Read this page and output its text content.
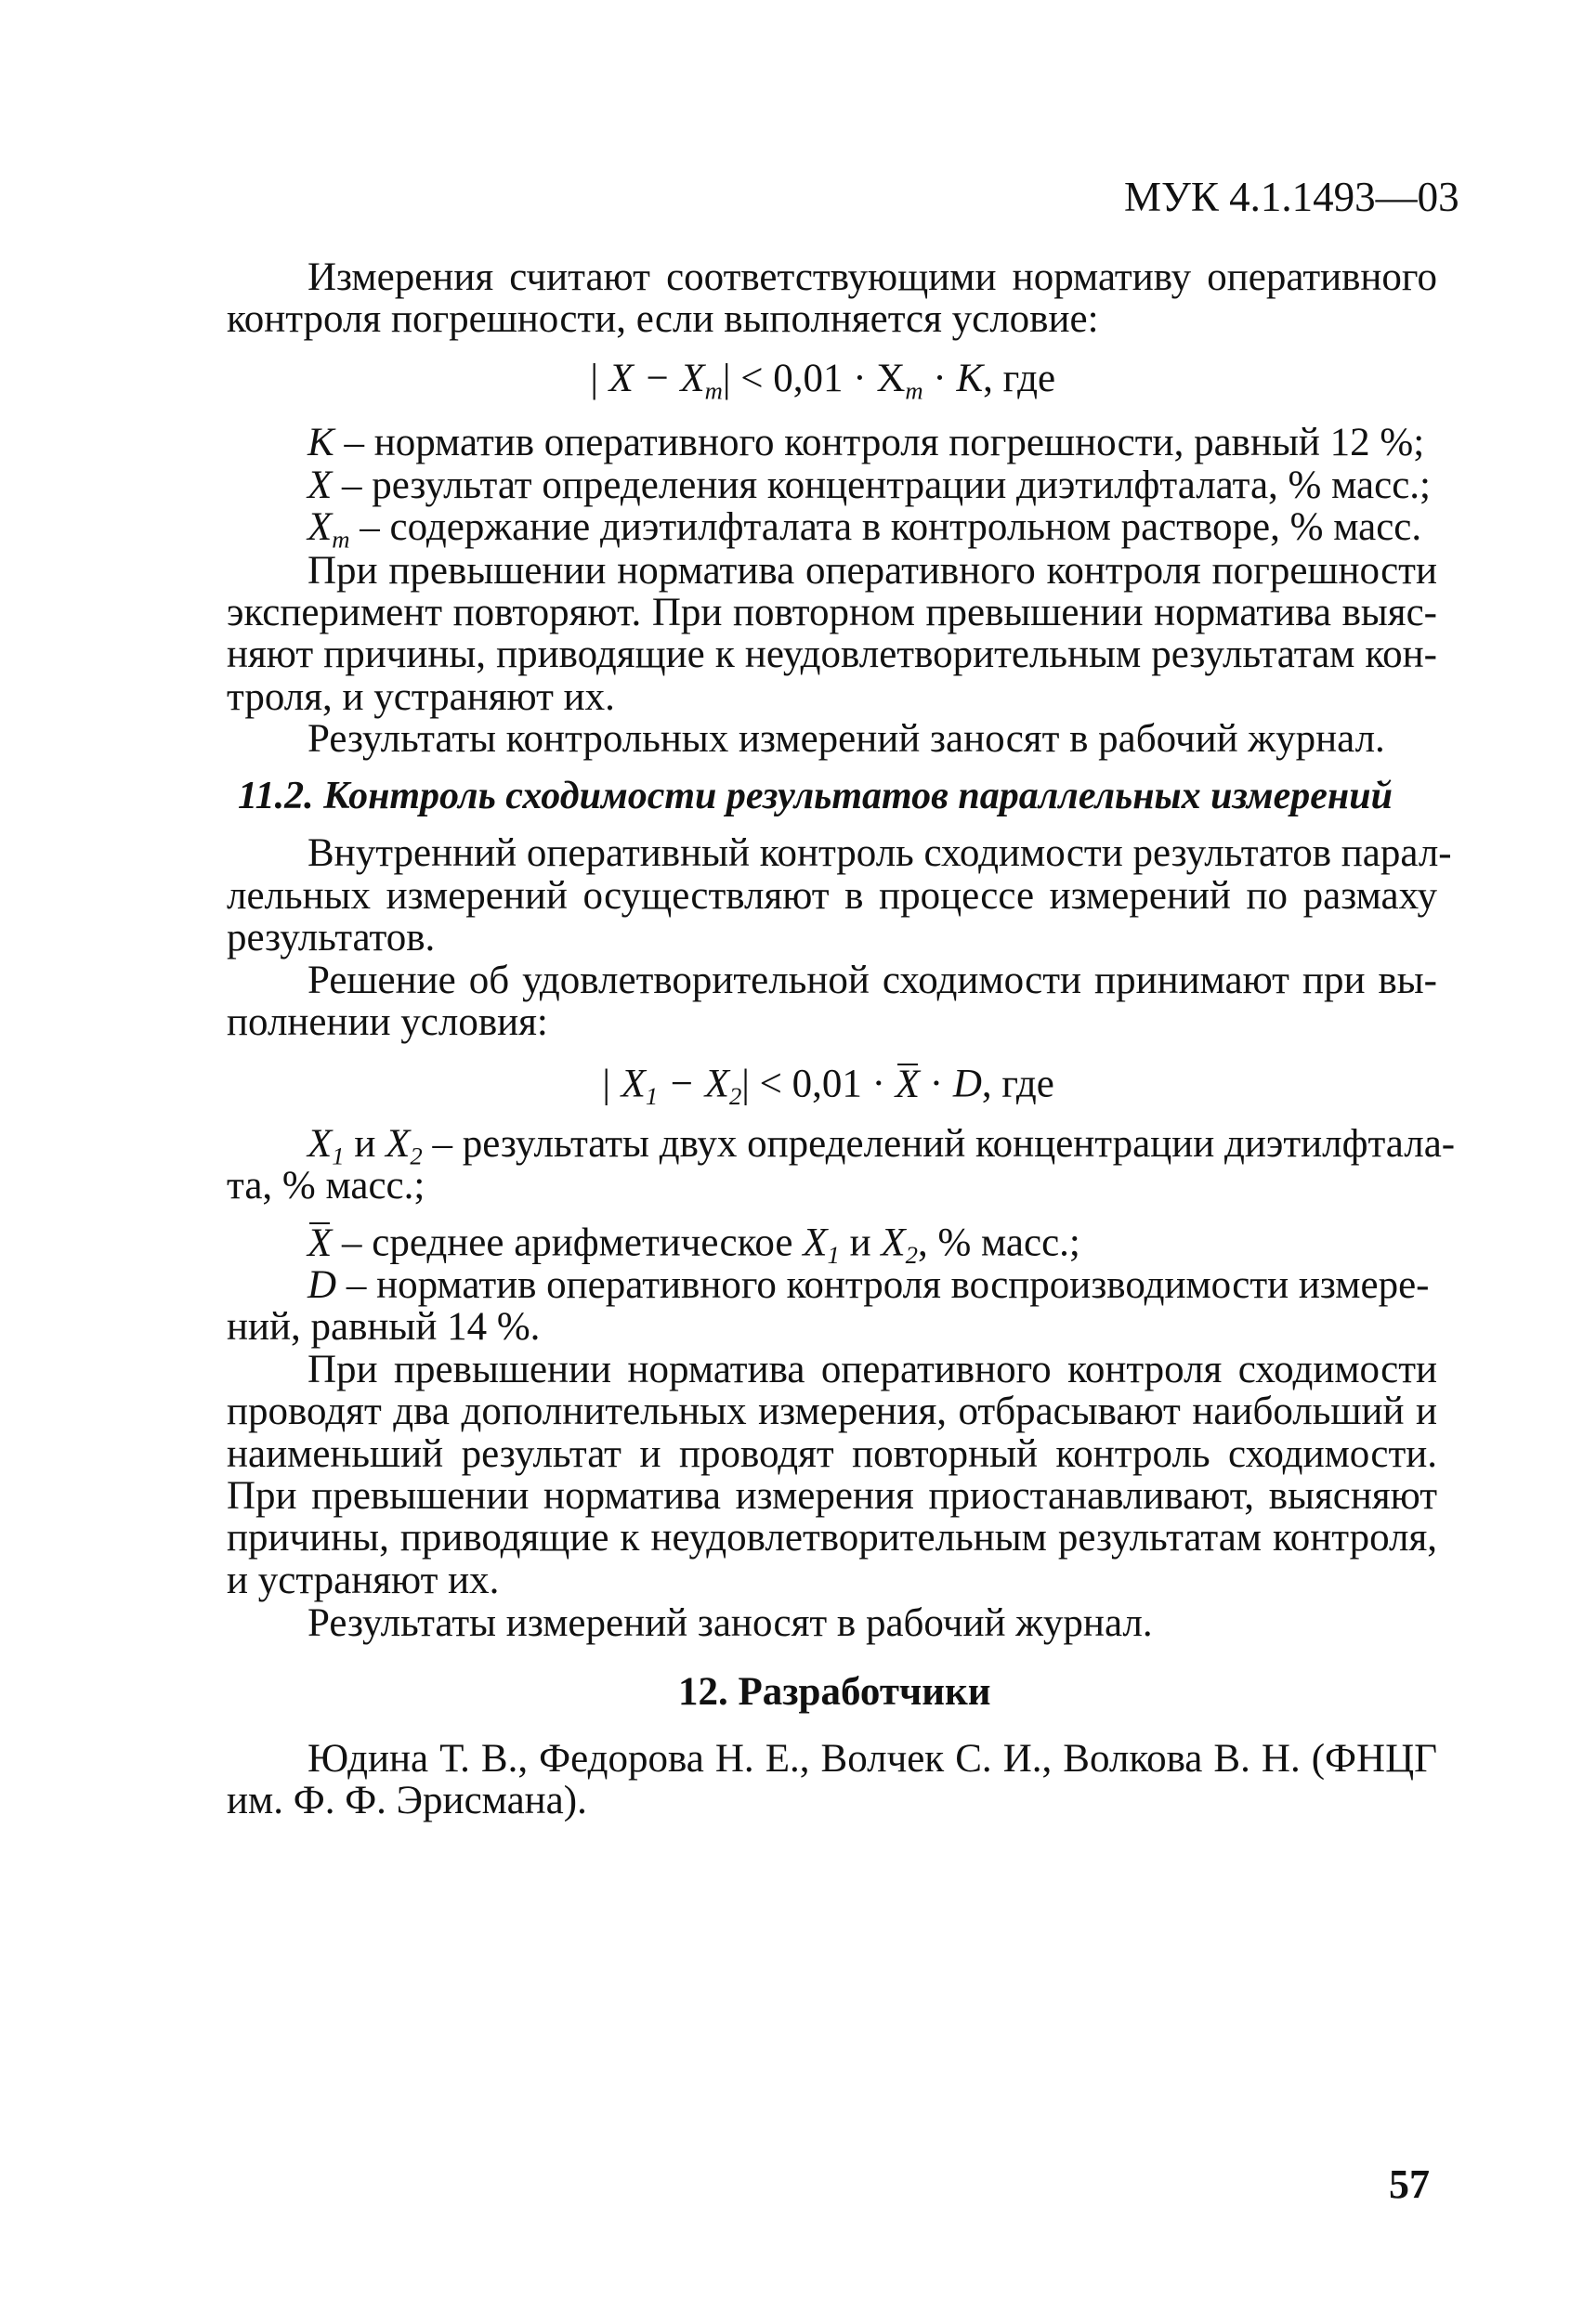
МУК 4.1.1493—03
Измерения считают соответствующими нормативу оперативного
контроля погрешности, если выполняется условие:
| $X - X_m| < 0,01 \cdot X_m \cdot K$, где
K – норматив оперативного контроля погрешности, равный 12 %;
X – результат определения концентрации диэтилфталата, % масс.;
$X_m$ – содержание диэтилфталата в контрольном растворе, % масс.
При превышении норматива оперативного контроля погрешности
эксперимент повторяют. При повторном превышении норматива выяс-
няют причины, приводящие к неудовлетворительным результатам кон-
троля, и устраняют их.
Результаты контрольных измерений заносят в рабочий журнал.
11.2. Контроль сходимости результатов параллельных измерений
Внутренний оперативный контроль сходимости результатов парал-
лельных измерений осуществляют в процессе измерений по размаху
результатов.
Решение об удовлетворительной сходимости принимают при вы-
полнении условия:
| $X_1 - X_2| < 0,01 \cdot X \cdot D$, где
$X_1$ и $X_2$ – результаты двух определений концентрации диэтилфтала-
та, % масс.;
X – среднее арифметическое $X_1$ и $X_2$, % масс.;
D – норматив оперативного контроля воспроизводимости измере-
ний, равный 14 %.
При превышении норматива оперативного контроля сходимости
проводят два дополнительных измерения, отбрасывают наибольший и
наименьший результат и проводят повторный контроль сходимости.
При превышении норматива измерения приостанавливают, выясняют
причины, приводящие к неудовлетворительным результатам контроля,
и устраняют их.
Результаты измерений заносят в рабочий журнал.
12. Разработчики
Юдина Т. В., Федорова Н. Е., Волчек С. И., Волкова В. Н. (ФНЦГ
им. Ф. Ф. Эрисмана).
57
